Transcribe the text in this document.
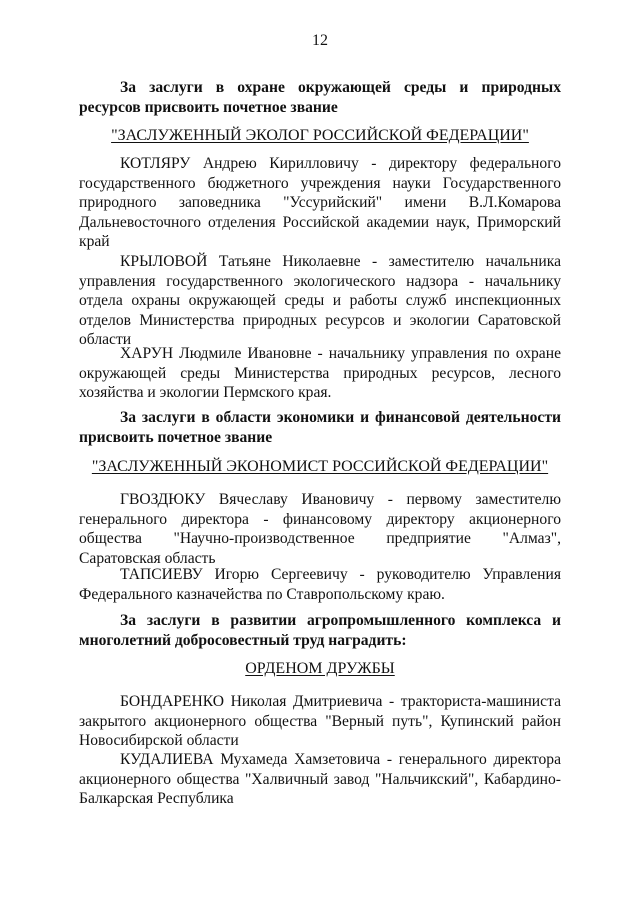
12
За заслуги в охране окружающей среды и природных ресурсов присвоить почетное звание
"ЗАСЛУЖЕННЫЙ ЭКОЛОГ РОССИЙСКОЙ ФЕДЕРАЦИИ"
КОТЛЯРУ Андрею Кирилловичу - директору федерального государственного бюджетного учреждения науки Государственного природного заповедника "Уссурийский" имени В.Л.Комарова Дальневосточного отделения Российской академии наук, Приморский край
КРЫЛОВОЙ Татьяне Николаевне - заместителю начальника управления государственного экологического надзора - начальнику отдела охраны окружающей среды и работы служб инспекционных отделов Министерства природных ресурсов и экологии Саратовской области
ХАРУН Людмиле Ивановне - начальнику управления по охране окружающей среды Министерства природных ресурсов, лесного хозяйства и экологии Пермского края.
За заслуги в области экономики и финансовой деятельности присвоить почетное звание
"ЗАСЛУЖЕННЫЙ ЭКОНОМИСТ РОССИЙСКОЙ ФЕДЕРАЦИИ"
ГВОЗДЮКУ Вячеславу Ивановичу - первому заместителю генерального директора - финансовому директору акционерного общества "Научно-производственное предприятие "Алмаз", Саратовская область
ТАПСИЕВУ Игорю Сергеевичу - руководителю Управления Федерального казначейства по Ставропольскому краю.
За заслуги в развитии агропромышленного комплекса и многолетний добросовестный труд наградить:
ОРДЕНОМ ДРУЖБЫ
БОНДАРЕНКО Николая Дмитриевича - тракториста-машиниста закрытого акционерного общества "Верный путь", Купинский район Новосибирской области
КУДАЛИЕВА Мухамеда Хамзетовича - генерального директора акционерного общества "Халвичный завод "Нальчикский", Кабардино-Балкарская Республика
